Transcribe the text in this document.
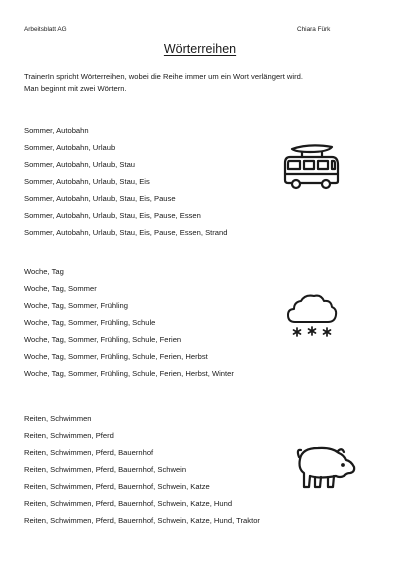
Arbeitsblatt AG	Chiara Fürk
Wörterreihen
TrainerIn spricht Wörterreihen, wobei die Reihe immer um ein Wort verlängert wird.
Man beginnt mit zwei Wörtern.
Sommer, Autobahn
Sommer, Autobahn, Urlaub
Sommer, Autobahn, Urlaub, Stau
Sommer, Autobahn, Urlaub, Stau, Eis
Sommer, Autobahn, Urlaub, Stau, Eis, Pause
Sommer, Autobahn, Urlaub, Stau, Eis, Pause, Essen
Sommer, Autobahn, Urlaub, Stau, Eis, Pause, Essen, Strand
Woche, Tag
Woche, Tag, Sommer
Woche, Tag, Sommer, Frühling
Woche, Tag, Sommer, Frühling, Schule
Woche, Tag, Sommer, Frühling, Schule, Ferien
Woche, Tag, Sommer, Frühling, Schule, Ferien, Herbst
Woche, Tag, Sommer, Frühling, Schule, Ferien, Herbst, Winter
Reiten, Schwimmen
Reiten, Schwimmen, Pferd
Reiten, Schwimmen, Pferd, Bauernhof
Reiten, Schwimmen, Pferd, Bauernhof, Schwein
Reiten, Schwimmen, Pferd, Bauernhof, Schwein, Katze
Reiten, Schwimmen, Pferd, Bauernhof, Schwein, Katze, Hund
Reiten, Schwimmen, Pferd, Bauernhof, Schwein, Katze, Hund, Traktor
